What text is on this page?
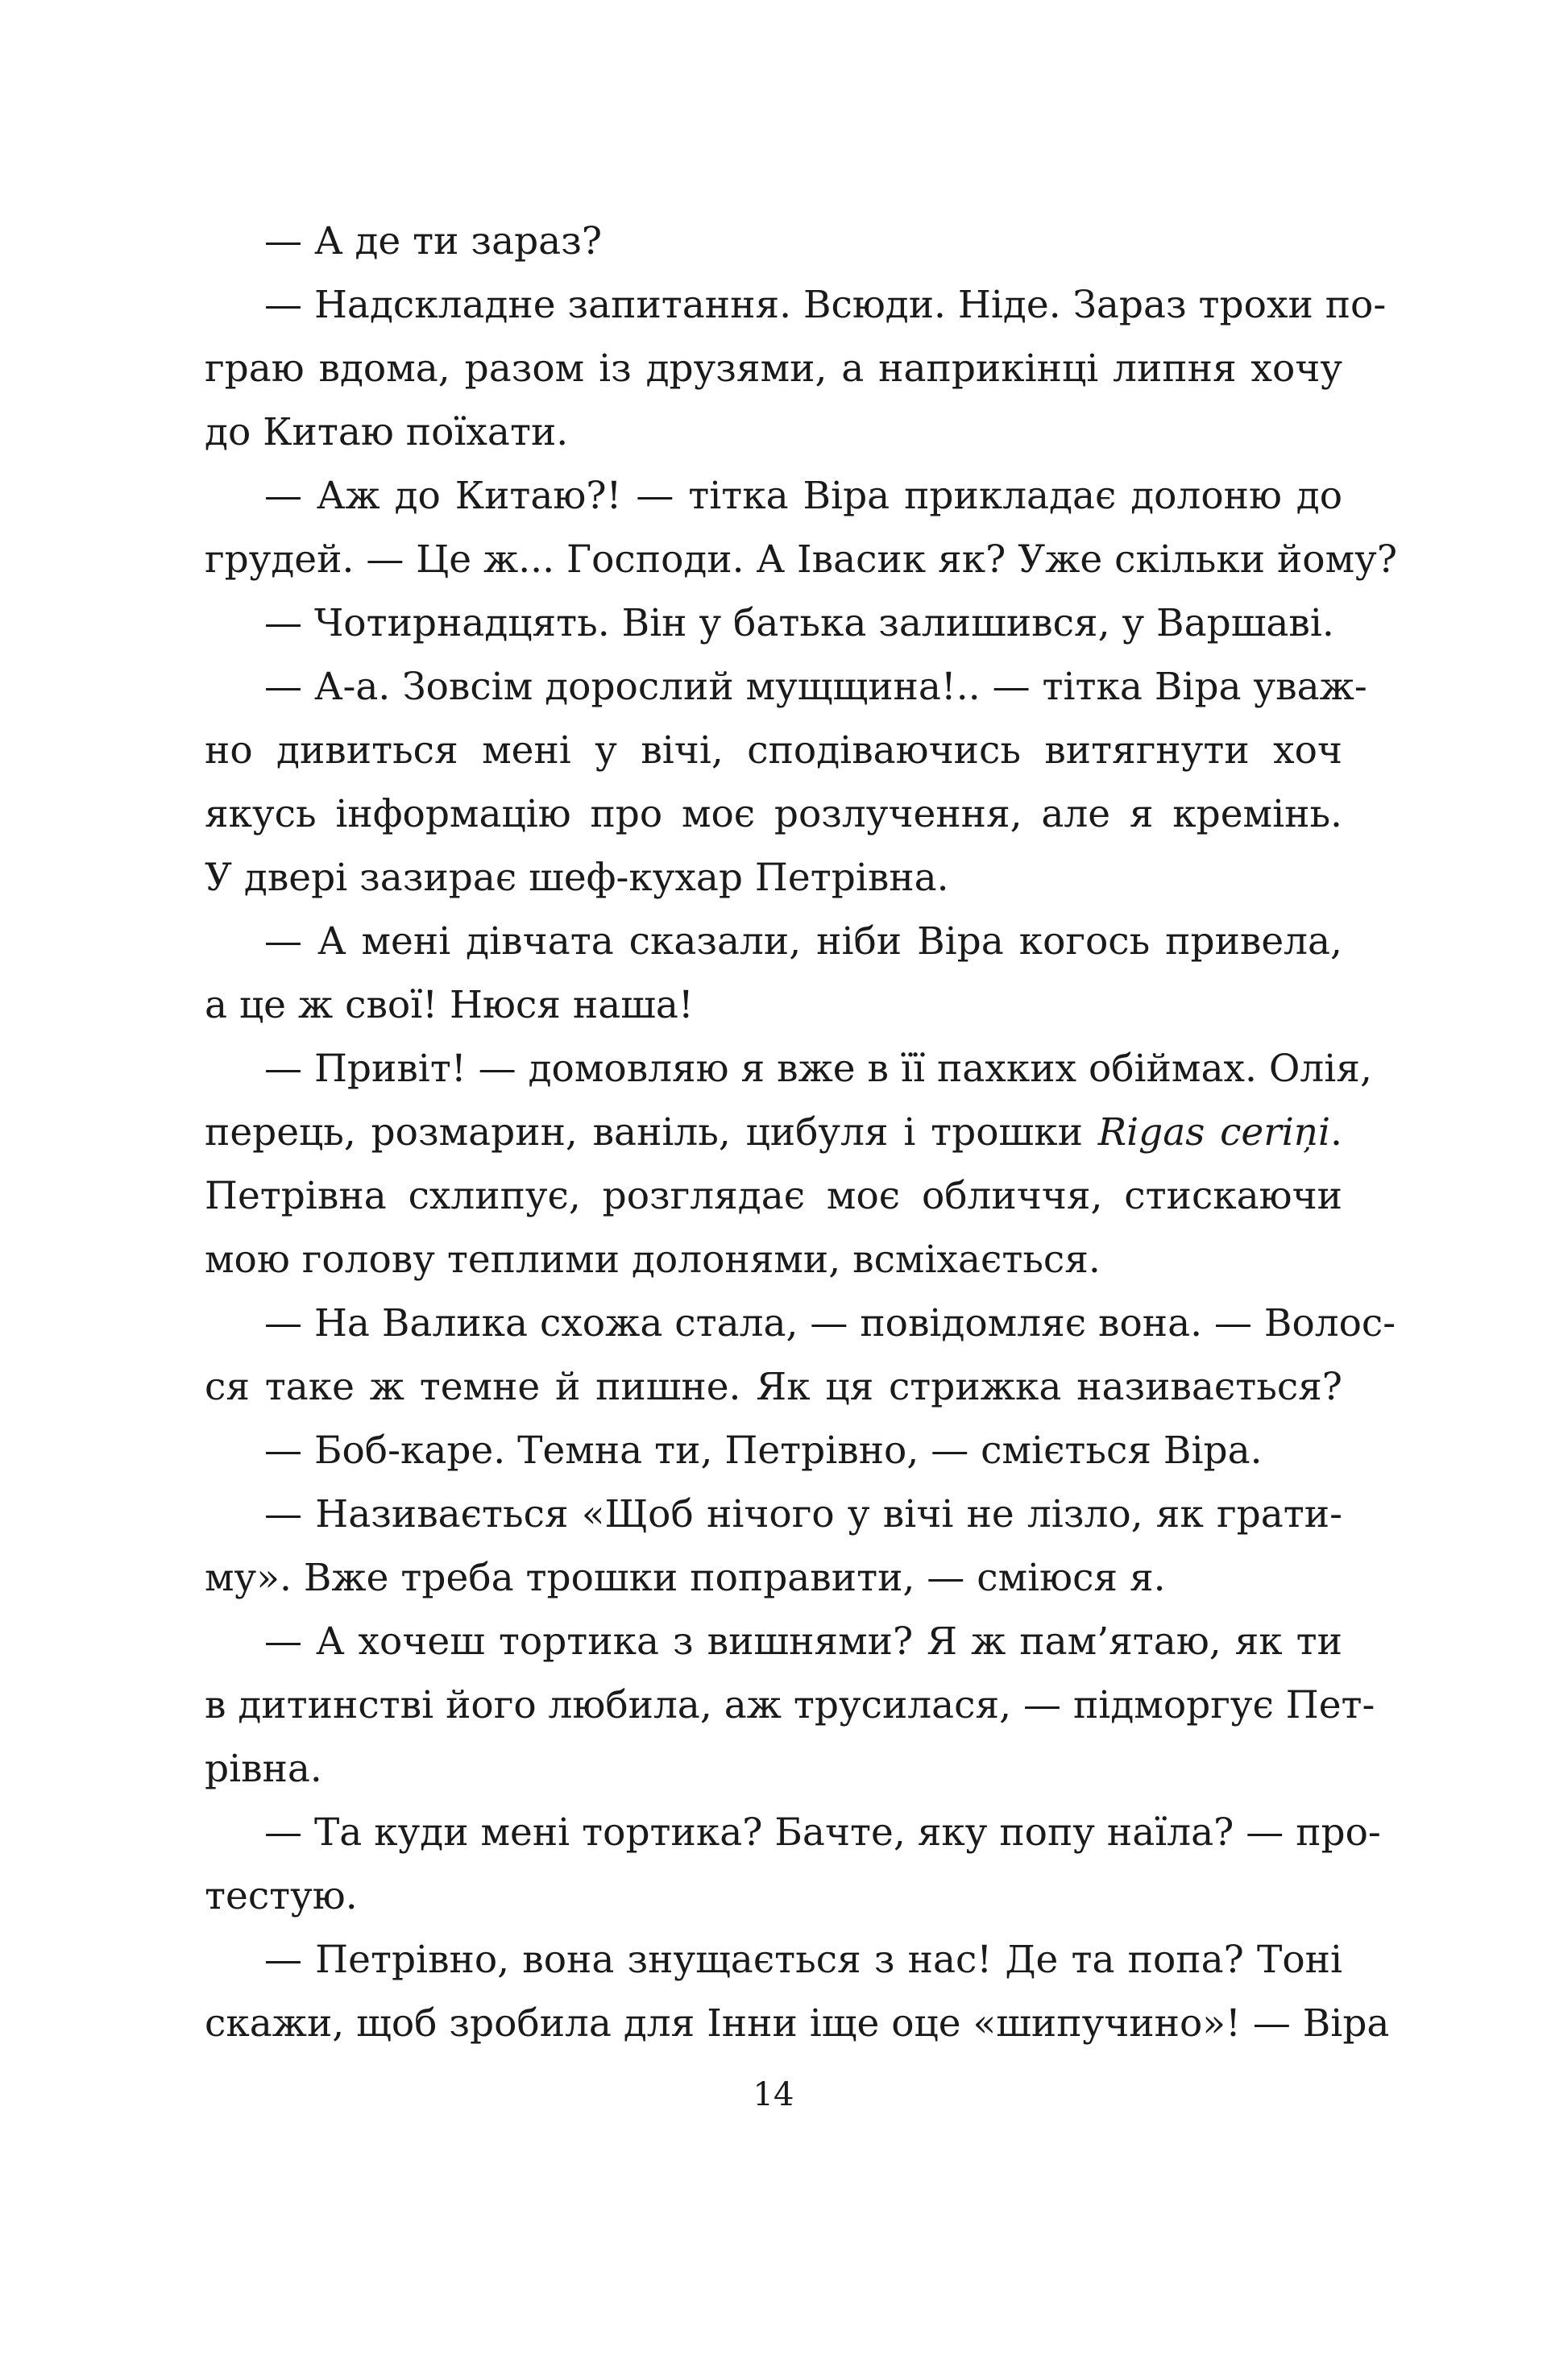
— А де ти зараз?
— Надскладне запитання. Всюди. Ніде. Зараз трохи по-
граю вдома, разом із друзями, а наприкінці липня хочу
до Китаю поїхати.
— Аж до Китаю?! — тітка Віра прикладає долоню до
грудей. — Це ж... Господи. А Івасик як? Уже скільки йому?
— Чотирнадцять. Він у батька залишився, у Варшаві.
— А-а. Зовсім дорослий мущщина!.. — тітка Віра уваж-
но дивиться мені у вічі, сподіваючись витягнути хоч
якусь інформацію про моє розлучення, але я кремінь.
У двері зазирає шеф-кухар Петрівна.
— А мені дівчата сказали, ніби Віра когось привела,
а це ж свої! Нюся наша!
— Привіт! — домовляю я вже в її пахких обіймах. Олія,
перець, розмарин, ваніль, цибуля і трошки Rigas ceriņi.
Петрівна схлипує, розглядає моє обличчя, стискаючи
мою голову теплими долонями, всміхається.
— На Валика схожа стала, — повідомляє вона. — Волос-
ся таке ж темне й пишне. Як ця стрижка називається?
— Боб-каре. Темна ти, Петрівно, — сміється Віра.
— Називається «Щоб нічого у вічі не лізло, як грати-
му». Вже треба трошки поправити, — сміюся я.
— А хочеш тортика з вишнями? Я ж пам’ятаю, як ти
в дитинстві його любила, аж трусилася, — підморгує Пет-
рівна.
— Та куди мені тортика? Бачте, яку попу наїла? — про-
тестую.
— Петрівно, вона знущається з нас! Де та попа? Тоні
скажи, щоб зробила для Інни іще оце «шипучино»! — Віра
14
